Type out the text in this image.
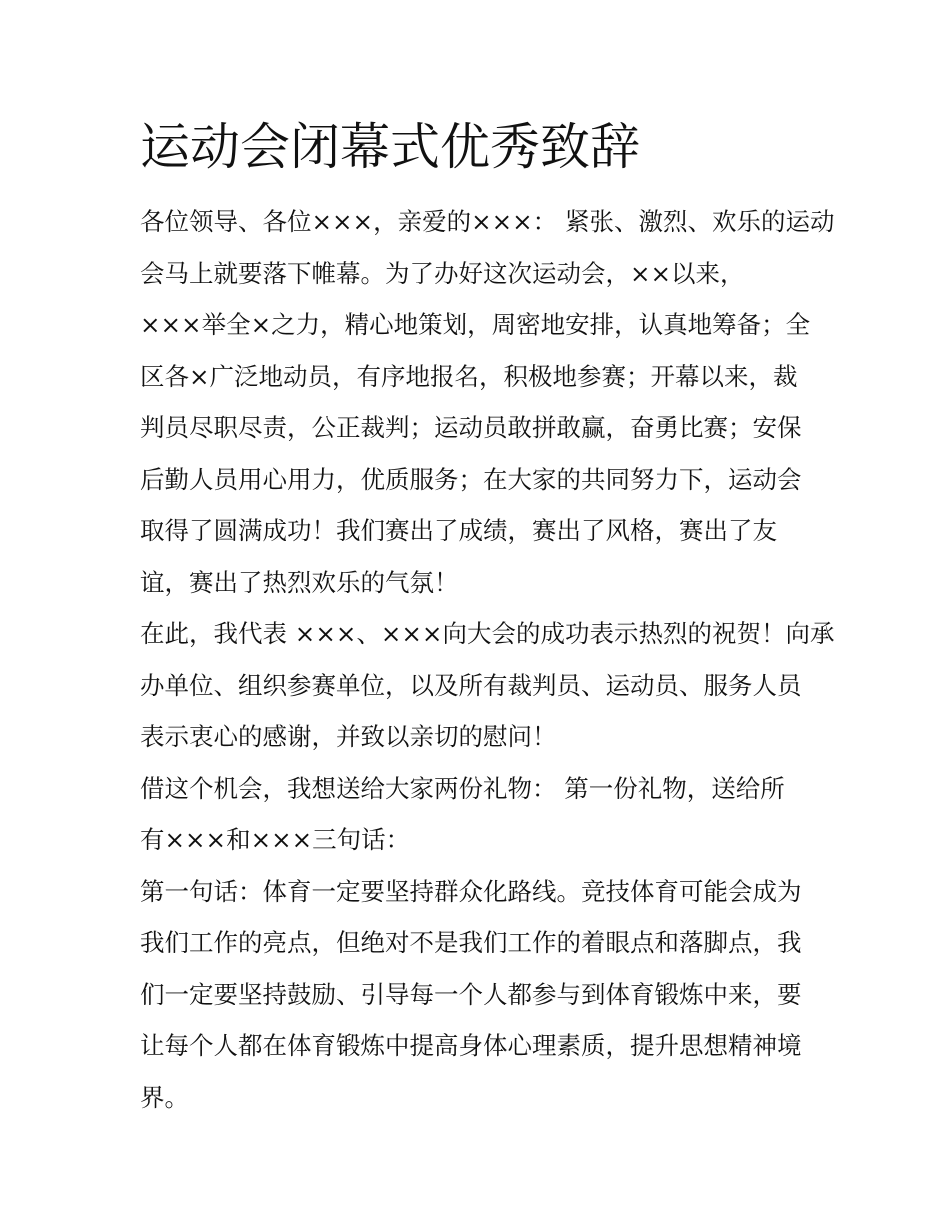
运动会闭幕式优秀致辞
各位领导、各位×××，亲爱的×××： 紧张、激烈、欢乐的运动
会马上就要落下帷幕。为了办好这次运动会，××以来，
×××举全×之力，精心地策划，周密地安排，认真地筹备；全
区各×广泛地动员，有序地报名，积极地参赛；开幕以来，裁
判员尽职尽责，公正裁判；运动员敢拼敢赢，奋勇比赛；安保
后勤人员用心用力，优质服务；在大家的共同努力下，运动会
取得了圆满成功！我们赛出了成绩，赛出了风格，赛出了友
谊，赛出了热烈欢乐的气氛！
在此，我代表 ×××、×××向大会的成功表示热烈的祝贺！向承
办单位、组织参赛单位，以及所有裁判员、运动员、服务人员
表示衷心的感谢，并致以亲切的慰问！
借这个机会，我想送给大家两份礼物： 第一份礼物，送给所
有×××和×××三句话：
第一句话：体育一定要坚持群众化路线。竞技体育可能会成为
我们工作的亮点，但绝对不是我们工作的着眼点和落脚点，我
们一定要坚持鼓励、引导每一个人都参与到体育锻炼中来，要
让每个人都在体育锻炼中提高身体心理素质，提升思想精神境
界。
